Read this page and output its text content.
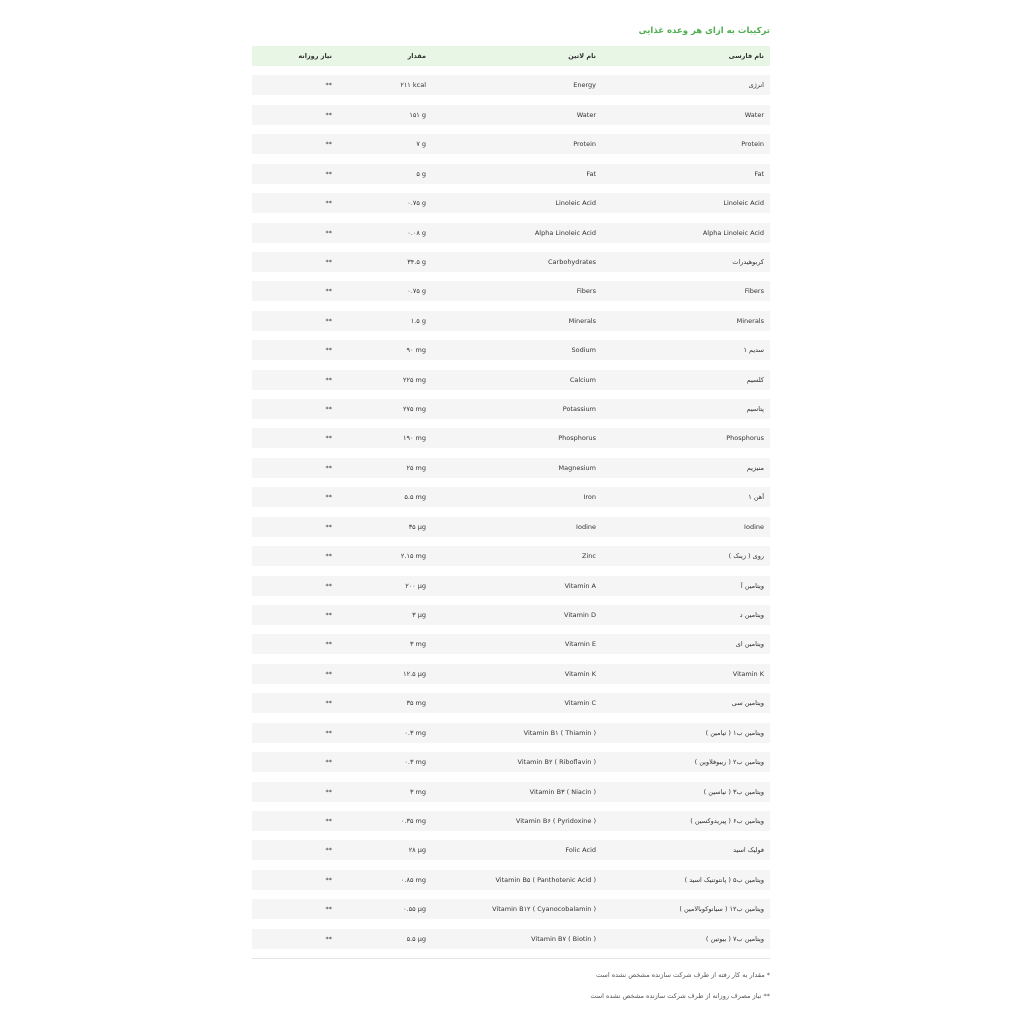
ترکیبات به ازای هر وعده غذایی
نیاز روزانه	مقدار	نام لاتین	نام فارسی
**	۲۱۱ kcal	Energy	انرژی
**	۱۵۱ g	Water	Water
**	۷ g	Protein	Protein
**	۵ g	Fat	Fat
**	۰.۷۵ g	Linoleic Acid	Linoleic Acid
**	۰.۰۸ g	Alpha Linoleic Acid	Alpha Linoleic Acid
**	۳۴.۵ g	Carbohydrates	کربوهیدرات
**	۰.۷۵ g	Fibers	Fibers
**	۱.۵ g	Minerals	Minerals
**	۹۰ mg	Sodium	سدیم ۱
**	۲۲۵ mg	Calcium	کلسیم
**	۲۷۵ mg	Potassium	پتاسیم
**	۱۹۰ mg	Phosphorus	Phosphorus
**	۲۵ mg	Magnesium	منیزیم
**	۵.۵ mg	Iron	آهن ۱
**	۳۵ µg	Iodine	Iodine
**	۲.۱۵ mg	Zinc	روی ( زینک )
**	۲۰۰ µg	Vitamin A	ویتامین آ
**	۳ µg	Vitamin D	ویتامین د
**	۳ mg	Vitamin E	ویتامین ای
**	۱۲.۵ µg	Vitamin K	Vitamin K
**	۳۵ mg	Vitamin C	ویتامین سی
**	۰.۳ mg	Vitamin B۱ ( Thiamin )	ویتامین ب۱ ( تیامین )
**	۰.۳ mg	Vitamin B۲ ( Riboflavin )	ویتامین ب۲ ( ریبوفلاوین )
**	۳ mg	Vitamin B۳ ( Niacin )	ویتامین ب۳ ( نیاسین )
**	۰.۳۵ mg	Vitamin B۶ ( Pyridoxine )	ویتامین ب۶ ( پیریدوکسین )
**	۲۸ µg	Folic Acid	فولیک اسید
**	۰.۸۵ mg	Vitamin B۵ ( Panthotenic Acid )	ویتامین ب۵ ( پانتوتنیک اسید )
**	۰.۵۵ µg	Vitamin B۱۲ ( Cyanocobalamin )	ویتامین ب۱۲ ( سیانوکوبالامین )
**	۵.۵ µg	Vitamin B۷ ( Biotin )	ویتامین ب۷ ( بیوتین )
* مقدار به کار رفته از طرف شرکت سازنده مشخص نشده است
** نیاز مصرف روزانه از طرف شرکت سازنده مشخص نشده است
